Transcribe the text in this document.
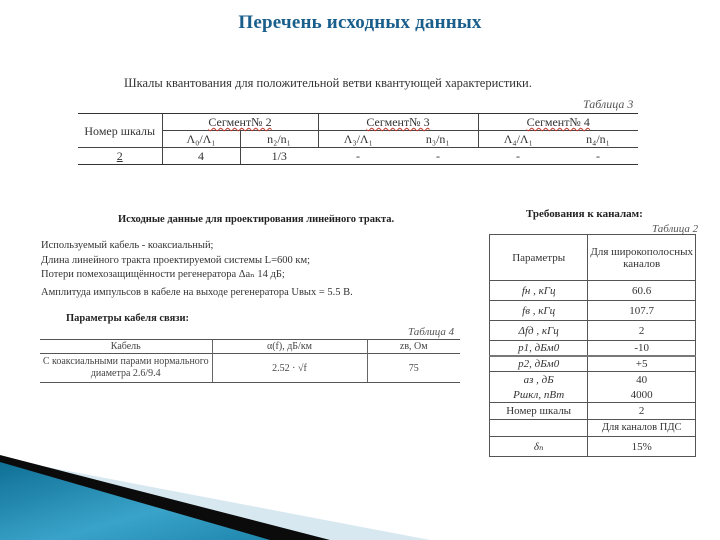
Перечень исходных данных
Шкалы квантования для положительной ветви квантующей характеристики.
Таблица 3
Номер шкалы	Сегмент№ 2		Сегмент№ 3		Сегмент№ 4	
	Λ₀/Λ₁	n₂/n₁	Λ₃/Λ₁	n₃/n₁	Λ₄/Λ₁	n₄/n₁
2	4	1/3	-	-	-	-
Исходные данные для проектирования линейного тракта.
Используемый кабель - коаксиальный;
Длина линейного тракта проектируемой системы L=600 км;
Потери помехозащищённости регенератора Δaₙ 14 дБ;
Амплитуда импульсов в кабеле на выходе регенератора Uвых = 5.5 В.
Параметры кабеля связи:
Таблица 4
Кабель	α(f), дБ/км	zв, Ом
С коаксиальными парами нормального диаметра 2.6/9.4	2.52 · √f	75
Требования к каналам:
Таблица 2
Параметры	Для широкополосных каналов
fн , кГц	60.6
fв , кГц	107.7
Δfд , кГц	2
p1, дБм0	-10
p2, дБм0	+5
aз , дБ	40
Pшкл, пВт	4000
Номер шкалы	2
	Для каналов ПДС
δₙ	15%
